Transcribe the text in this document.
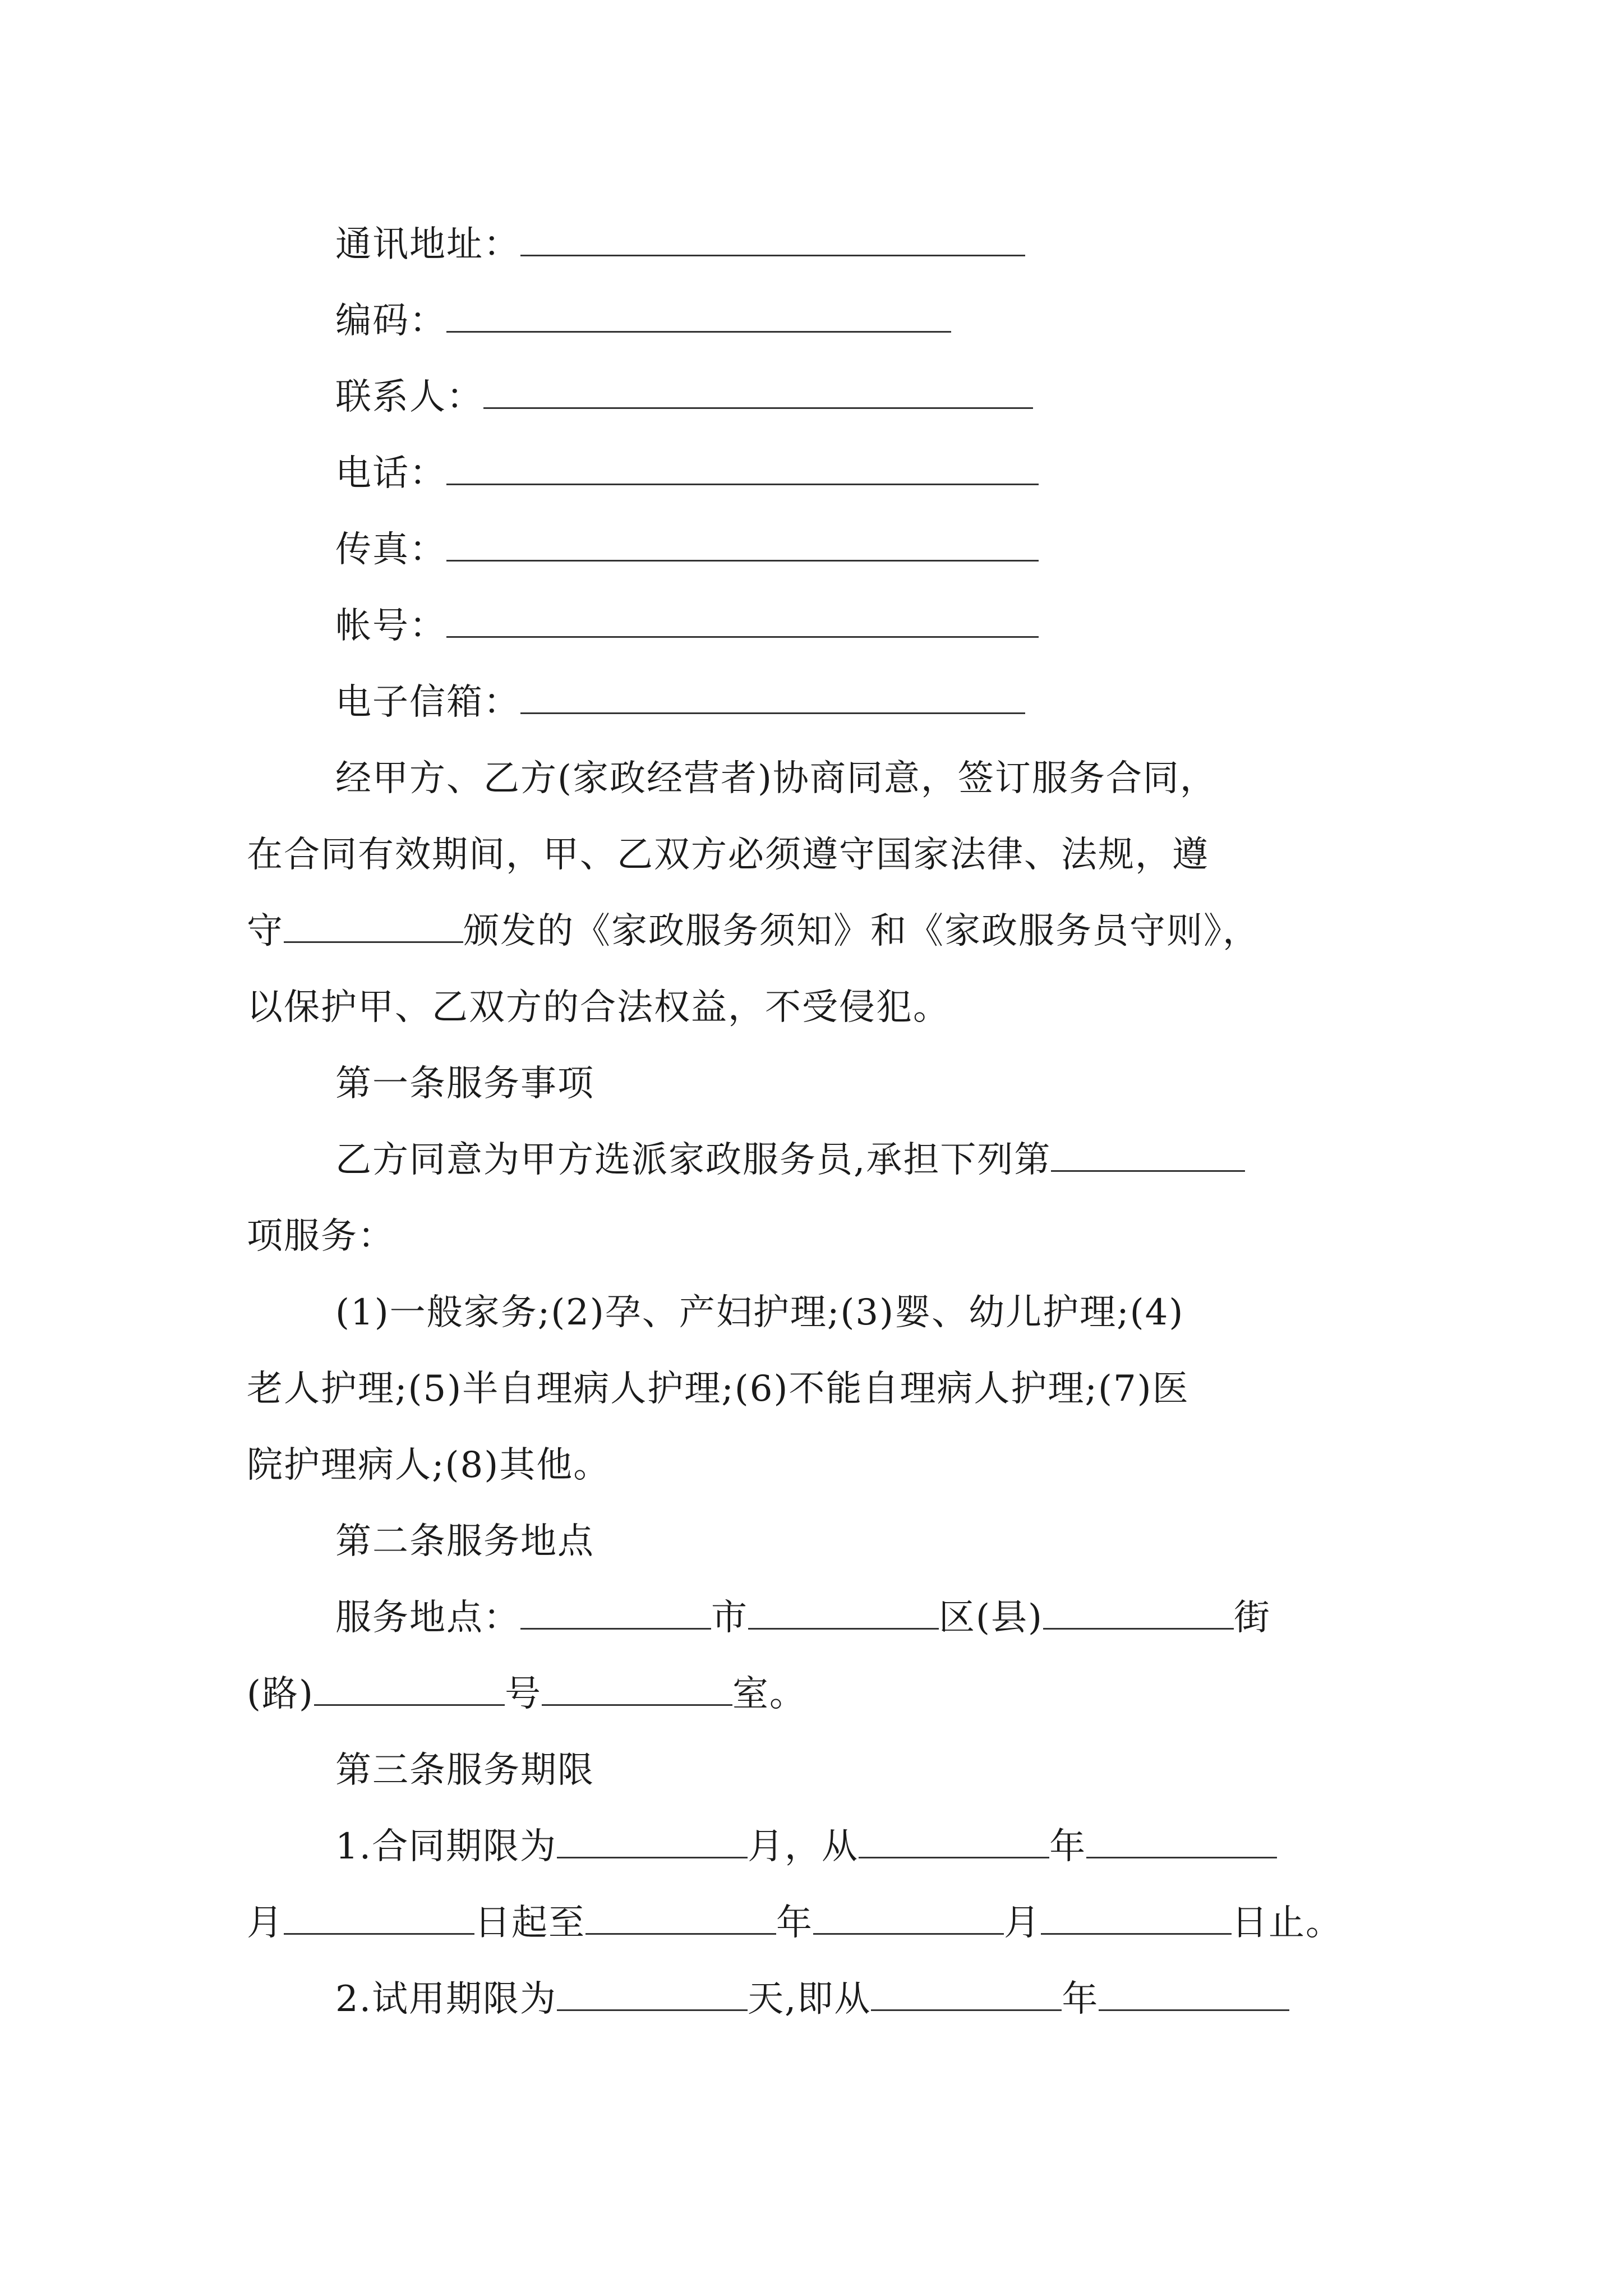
通讯地址：
编码：
联系人：
电话：
传真：
帐号：
电子信箱：
经甲方、乙方(家政经营者)协商同意，签订服务合同，
在合同有效期间，甲、乙双方必须遵守国家法律、法规，遵
守	颁发的《家政服务须知》和《家政服务员守则》，
以保护甲、乙双方的合法权益，不受侵犯。
第一条服务事项
乙方同意为甲方选派家政服务员,承担下列第
项服务：
(1)一般家务;(2)孕、产妇护理;(3)婴、幼儿护理;(4)
老人护理;(5)半自理病人护理;(6)不能自理病人护理;(7)医
院护理病人;(8)其他。
第二条服务地点
服务地点：	市	区(县)	街
(路)	号	室。
第三条服务期限
1.合同期限为	月，从	年
月	日起至	年	月	日止。
2.试用期限为	天,即从	年
